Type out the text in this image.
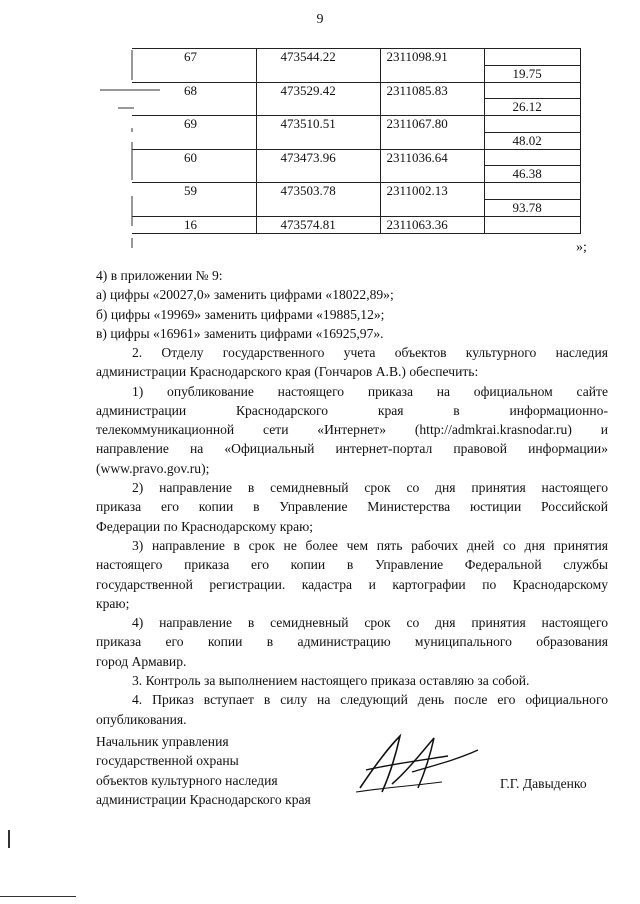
9
67	473544.22	2311098.91	
			19.75
68	473529.42	2311085.83	
			26.12
69	473510.51	2311067.80	
			48.02
60	473473.96	2311036.64	
			46.38
59	473503.78	2311002.13	
			93.78
16	473574.81	2311063.36	
»;

4) в приложении № 9:

а) цифры «20027,0» заменить цифрами «18022,89»;

б) цифры «19969» заменить цифрами «19885,12»;

в) цифры «16961» заменить цифрами «16925,97».

2. Отделу государственного учета объектов культурного наследия

администрации Краснодарского края (Гончаров А.В.) обеспечить:

1) опубликование настоящего приказа на официальном сайте

администрации Краснодарского края в информационно-

телекоммуникационной сети «Интернет» (http://admkrai.krasnodar.ru) и

направление на «Официальный интернет-портал правовой информации»

(www.pravo.gov.ru);

2) направление в семидневный срок со дня принятия настоящего

приказа его копии в Управление Министерства юстиции Российской

Федерации по Краснодарскому краю;

3) направление в срок не более чем пять рабочих дней со дня принятия

настоящего приказа его копии в Управление Федеральной службы

государственной регистрации. кадастра и картографии по Краснодарскому

краю;

4) направление в семидневный срок со дня принятия настоящего

приказа его копии в администрацию муниципального образования

город Армавир.

3. Контроль за выполнением настоящего приказа оставляю за собой.

4. Приказ вступает в силу на следующий день после его официального

опубликования.

Начальник управления

государственной охраны

объектов культурного наследия

администрации Краснодарского края

Г.Г. Давыденко
